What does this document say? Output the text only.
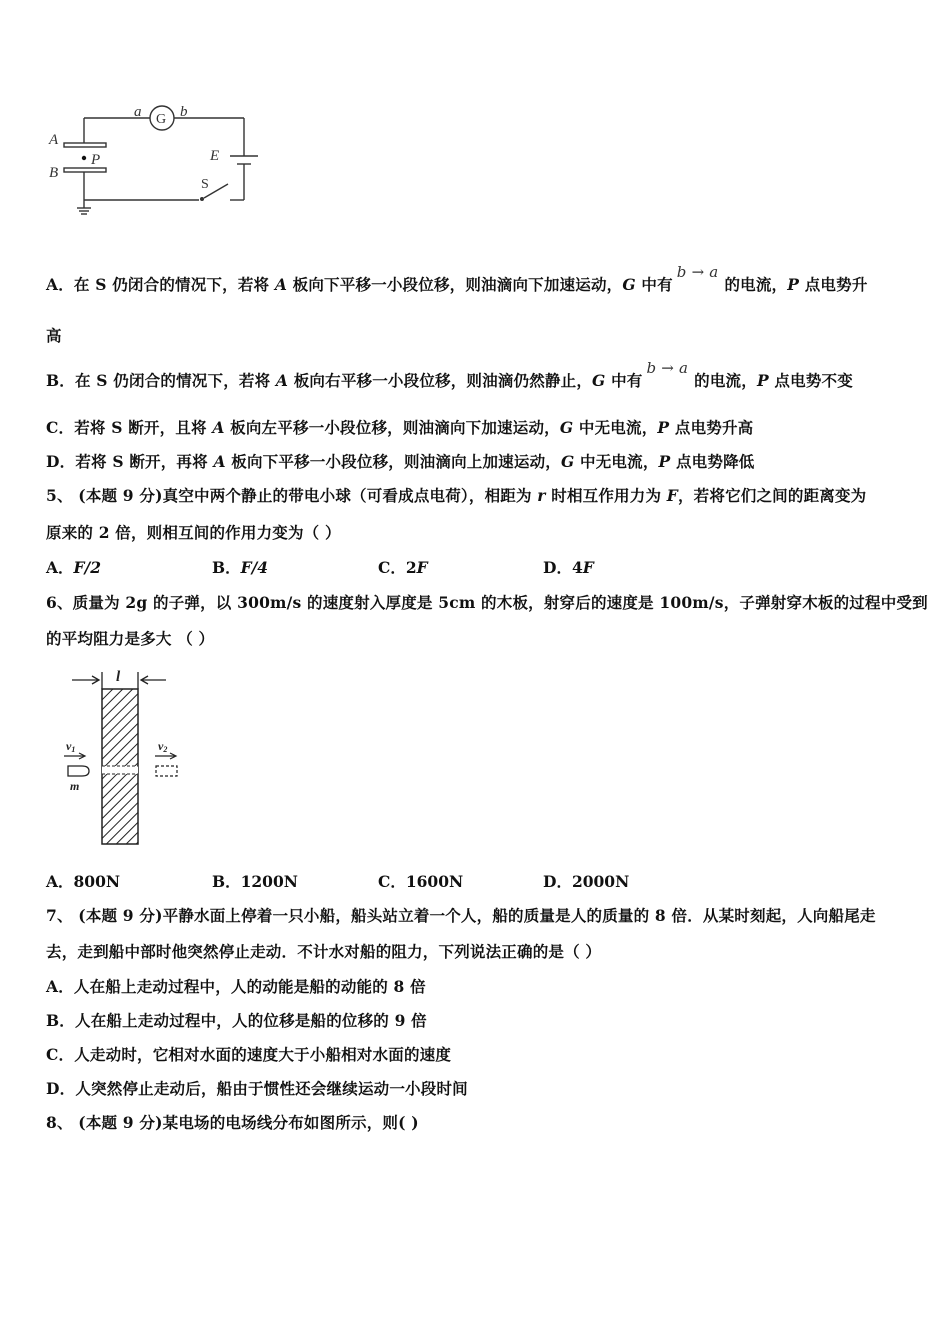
a G b
A
P
B
E
S
A．在 S 仍闭合的情况下，若将 A 板向下平移一小段位移，则油滴向下加速运动，G 中有b → a的电流，P 点电势升
高
B．在 S 仍闭合的情况下，若将 A 板向右平移一小段位移，则油滴仍然静止，G 中有b → a的电流，P 点电势不变
C．若将 S 断开，且将 A 板向左平移一小段位移，则油滴向下加速运动，G 中无电流，P 点电势升高
D．若将 S 断开，再将 A 板向下平移一小段位移，则油滴向上加速运动，G 中无电流，P 点电势降低
5、 (本题 9 分)真空中两个静止的带电小球（可看成点电荷），相距为 r 时相互作用力为 F，若将它们之间的距离变为
原来的 2 倍，则相互间的作用力变为（ ）
A．F/2	B．F/4	C．2F	D．4F
6、质量为 2g 的子弹，以 300m/s 的速度射入厚度是 5cm 的木板，射穿后的速度是 100m/s，子弹射穿木板的过程中受到
的平均阻力是多大 （ ）
l
v1
m
v2
A．800N	B．1200N	C．1600N	D．2000N
7、 (本题 9 分)平静水面上停着一只小船，船头站立着一个人，船的质量是人的质量的 8 倍．从某时刻起，人向船尾走
去，走到船中部时他突然停止走动．不计水对船的阻力，下列说法正确的是（ ）
A．人在船上走动过程中，人的动能是船的动能的 8 倍
B．人在船上走动过程中，人的位移是船的位移的 9 倍
C．人走动时，它相对水面的速度大于小船相对水面的速度
D．人突然停止走动后，船由于惯性还会继续运动一小段时间
8、 (本题 9 分)某电场的电场线分布如图所示，则( )
